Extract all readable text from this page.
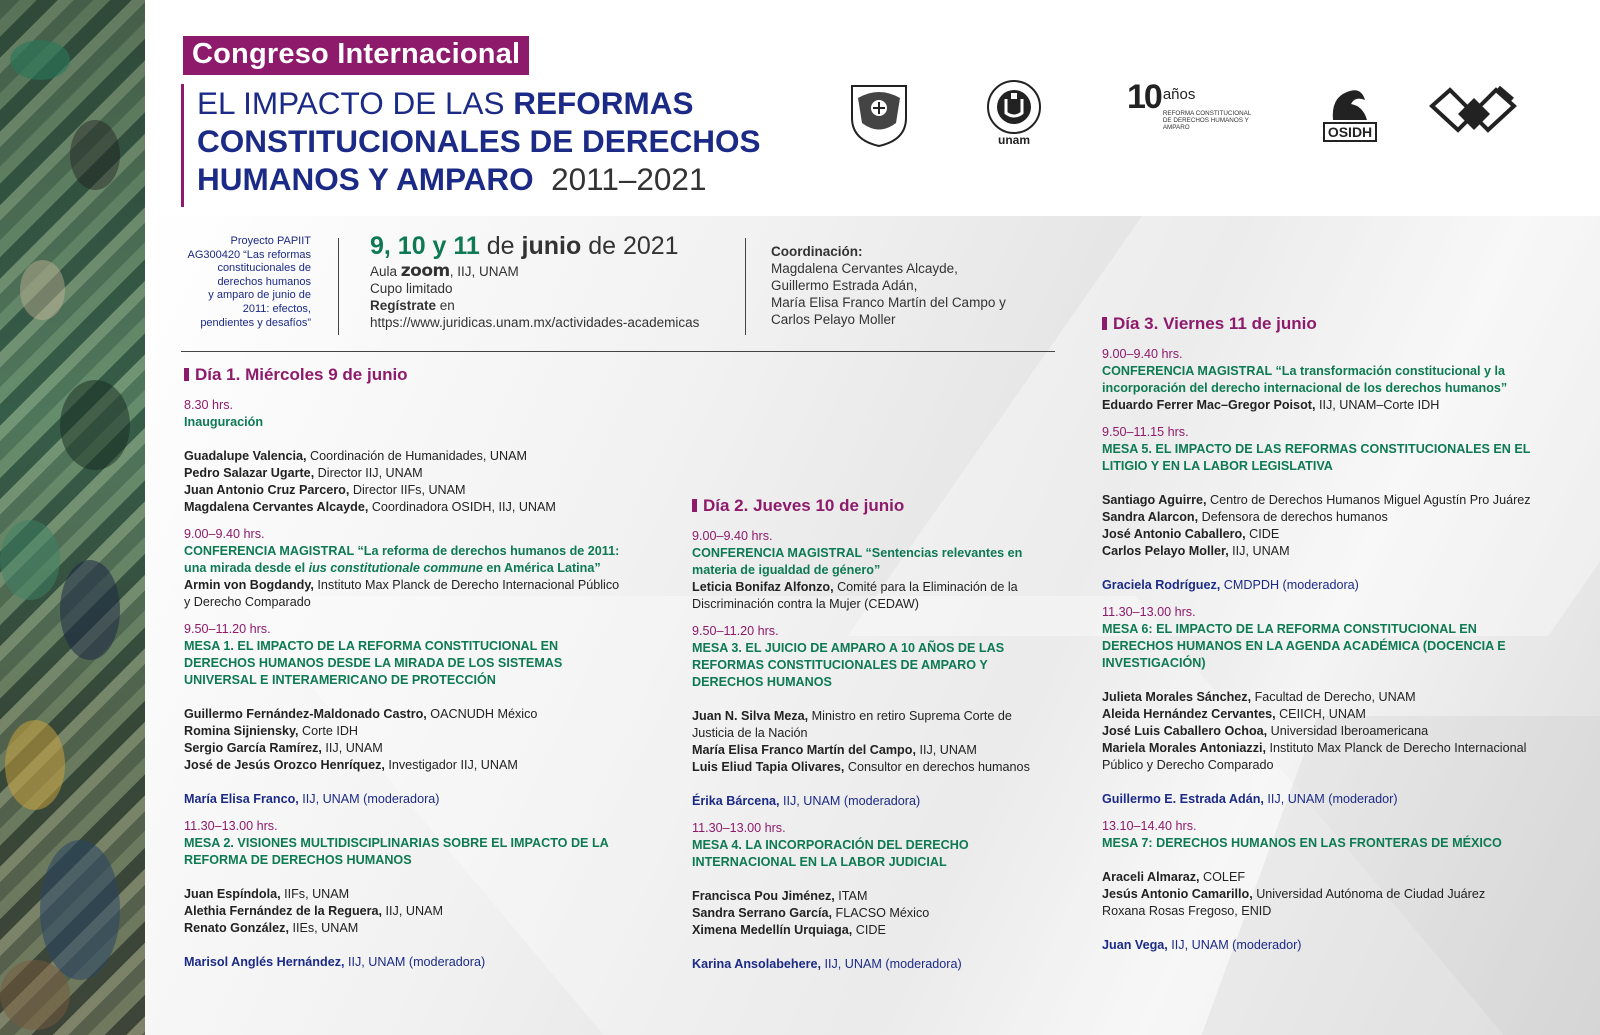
Congreso Internacional
EL IMPACTO DE LAS REFORMAS
CONSTITUCIONALES DE DERECHOS
HUMANOS Y AMPARO 2011–2021
unam
10 años
REFORMA CONSTITUCIONAL DE DERECHOS HUMANOS Y AMPARO	OSIDH
Proyecto PAPIIT
AG300420 “Las reformas
constitucionales de
derechos humanos
y amparo de junio de
2011: efectos,
pendientes y desafíos”
9, 10 y 11 de junio de 2021
Aula zoom, IIJ, UNAM
Cupo limitado
Regístrate en
https://www.juridicas.unam.mx/actividades-academicas
Coordinación:
Magdalena Cervantes Alcayde,
Guillermo Estrada Adán,
María Elisa Franco Martín del Campo y
Carlos Pelayo Moller
Día 1. Miércoles 9 de junio
8.30 hrs.
Inauguración
Guadalupe Valencia, Coordinación de Humanidades, UNAM
Pedro Salazar Ugarte, Director IIJ, UNAM
Juan Antonio Cruz Parcero, Director IIFs, UNAM
Magdalena Cervantes Alcayde, Coordinadora OSIDH, IIJ, UNAM
9.00–9.40 hrs.
CONFERENCIA MAGISTRAL “La reforma de derechos humanos de 2011:
una mirada desde el ius constitutionale commune en América Latina”
Armin von Bogdandy, Instituto Max Planck de Derecho Internacional Público
y Derecho Comparado
9.50–11.20 hrs.
MESA 1. EL IMPACTO DE LA REFORMA CONSTITUCIONAL EN
DERECHOS HUMANOS DESDE LA MIRADA DE LOS SISTEMAS
UNIVERSAL E INTERAMERICANO DE PROTECCIÓN
Guillermo Fernández-Maldonado Castro, OACNUDH México
Romina Sijniensky, Corte IDH
Sergio García Ramírez, IIJ, UNAM
José de Jesús Orozco Henríquez, Investigador IIJ, UNAM
María Elisa Franco, IIJ, UNAM (moderadora)
11.30–13.00 hrs.
MESA 2. VISIONES MULTIDISCIPLINARIAS SOBRE EL IMPACTO DE LA
REFORMA DE DERECHOS HUMANOS
Juan Espíndola, IIFs, UNAM
Alethia Fernández de la Reguera, IIJ, UNAM
Renato González, IIEs, UNAM
Marisol Anglés Hernández, IIJ, UNAM (moderadora)
Día 2. Jueves 10 de junio
9.00–9.40 hrs.
CONFERENCIA MAGISTRAL “Sentencias relevantes en
materia de igualdad de género”
Leticia Bonifaz Alfonzo, Comité para la Eliminación de la
Discriminación contra la Mujer (CEDAW)
9.50–11.20 hrs.
MESA 3. EL JUICIO DE AMPARO A 10 AÑOS DE LAS
REFORMAS CONSTITUCIONALES DE AMPARO Y
DERECHOS HUMANOS
Juan N. Silva Meza, Ministro en retiro Suprema Corte de
Justicia de la Nación
María Elisa Franco Martín del Campo, IIJ, UNAM
Luis Eliud Tapia Olivares, Consultor en derechos humanos
Érika Bárcena, IIJ, UNAM (moderadora)
11.30–13.00 hrs.
MESA 4. LA INCORPORACIÓN DEL DERECHO
INTERNACIONAL EN LA LABOR JUDICIAL
Francisca Pou Jiménez, ITAM
Sandra Serrano García, FLACSO México
Ximena Medellín Urquiaga, CIDE
Karina Ansolabehere, IIJ, UNAM (moderadora)
Día 3. Viernes 11 de junio
9.00–9.40 hrs.
CONFERENCIA MAGISTRAL “La transformación constitucional y la
incorporación del derecho internacional de los derechos humanos”
Eduardo Ferrer Mac–Gregor Poisot, IIJ, UNAM–Corte IDH
9.50–11.15 hrs.
MESA 5. EL IMPACTO DE LAS REFORMAS CONSTITUCIONALES EN EL
LITIGIO Y EN LA LABOR LEGISLATIVA
Santiago Aguirre, Centro de Derechos Humanos Miguel Agustín Pro Juárez
Sandra Alarcon, Defensora de derechos humanos
José Antonio Caballero, CIDE
Carlos Pelayo Moller, IIJ, UNAM
Graciela Rodríguez, CMDPDH (moderadora)
11.30–13.00 hrs.
MESA 6: EL IMPACTO DE LA REFORMA CONSTITUCIONAL EN
DERECHOS HUMANOS EN LA AGENDA ACADÉMICA (DOCENCIA E
INVESTIGACIÓN)
Julieta Morales Sánchez, Facultad de Derecho, UNAM
Aleida Hernández Cervantes, CEIICH, UNAM
José Luis Caballero Ochoa, Universidad Iberoamericana
Mariela Morales Antoniazzi, Instituto Max Planck de Derecho Internacional
Público y Derecho Comparado
Guillermo E. Estrada Adán, IIJ, UNAM (moderador)
13.10–14.40 hrs.
MESA 7: DERECHOS HUMANOS EN LAS FRONTERAS DE MÉXICO
Araceli Almaraz, COLEF
Jesús Antonio Camarillo, Universidad Autónoma de Ciudad Juárez
Roxana Rosas Fregoso, ENID
Juan Vega, IIJ, UNAM (moderador)
